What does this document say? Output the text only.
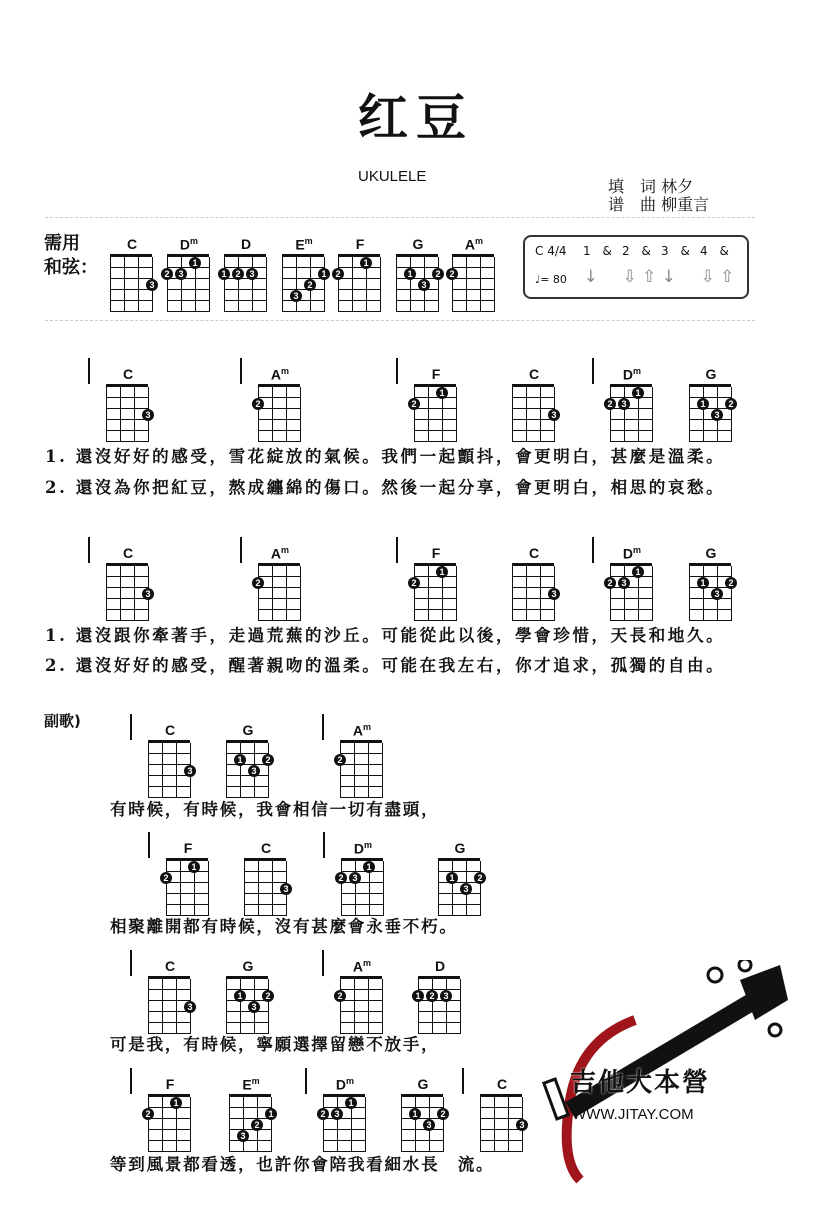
红豆
UKULELE
填　词 林夕
谱　曲 柳重言
需用
和弦：
C
3
$D^m$
2 3
1
D
1 2 3
$E^m$
3
2
1
F
2
1
G
1
3
2
$A^m$
2
C 4/4 1 & 2 & 3 & 4 &
♩= 80 ↓ ⇩ ⇧ ↓ ⇩ ⇧
C
3
$A^m$
2
F
2
1
C
3
$D^m$
2 3
1
G
1
3
2
1. 還沒好好的感受，雪花綻放的氣候。我們一起顫抖，會更明白，甚麼是溫柔。
2. 還沒為你把紅豆，熬成纏綿的傷口。然後一起分享，會更明白，相思的哀愁。
C
3
$A^m$
2
F
2
1
C
3
$D^m$
2 3
1
G
1
3
2
1. 還沒跟你牽著手，走過荒蕪的沙丘。可能從此以後，學會珍惜，天長和地久。
2. 還沒好好的感受，醒著親吻的溫柔。可能在我左右，你才追求，孤獨的自由。
副歌)	C
3
G
1
3
2
$A^m$
2
有時候，有時候，我會相信一切有盡頭，
F
2
1
C
3
$D^m$
2 3
1
G
1
3
2
相聚離開都有時候，沒有甚麼會永垂不朽。
C
3
G
1
3
2
$A^m$
2
D
1 2 3
可是我，有時候，寧願選擇留戀不放手，
F
2
1
$E^m$
3
2
1
$D^m$
2 3
1
G
1
3
2
C
3
等到風景都看透，也許你會陪我看細水長　流。
吉他大本營
WWW.JITAY.COM
